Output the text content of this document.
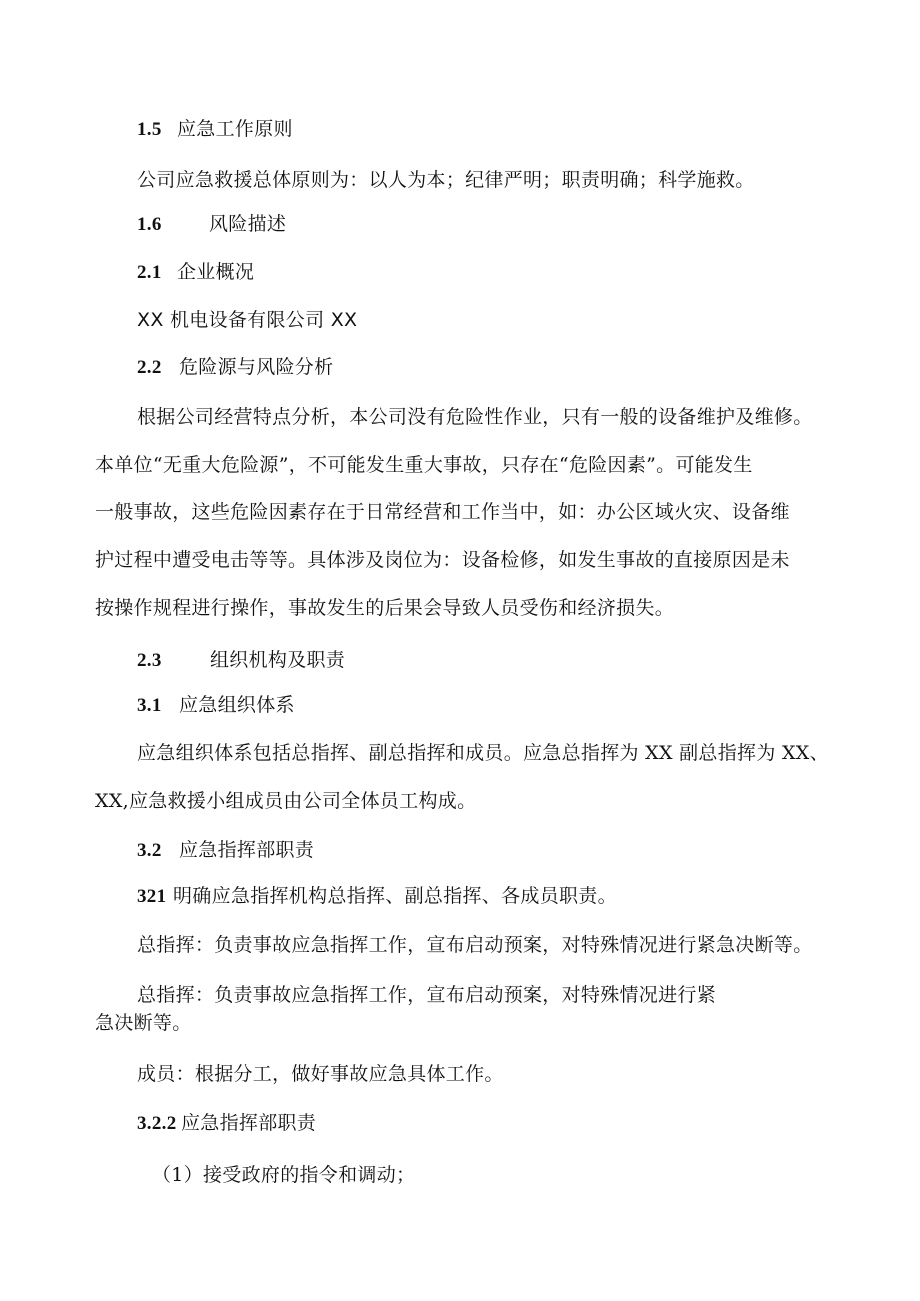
1.5 应急工作原则
公司应急救援总体原则为：以人为本；纪律严明；职责明确；科学施救。
1.6 风险描述
2.1 企业概况
XX 机电设备有限公司 XX
2.2 危险源与风险分析
根据公司经营特点分析，本公司没有危险性作业，只有一般的设备维护及维修。
本单位“无重大危险源”，不可能发生重大事故，只存在“危险因素”。可能发生
一般事故，这些危险因素存在于日常经营和工作当中，如：办公区域火灾、设备维
护过程中遭受电击等等。具体涉及岗位为：设备检修，如发生事故的直接原因是未
按操作规程进行操作，事故发生的后果会导致人员受伤和经济损失。
2.3	组织机构及职责
3.1 应急组织体系
应急组织体系包括总指挥、副总指挥和成员。应急总指挥为 XX 副总指挥为 XX、
XX,应急救援小组成员由公司全体员工构成。
3.2 应急指挥部职责
321 明确应急指挥机构总指挥、副总指挥、各成员职责。
总指挥：负责事故应急指挥工作，宣布启动预案，对特殊情况进行紧急决断等。
总指挥：负责事故应急指挥工作，宣布启动预案，对特殊情况进行紧
急决断等。
成员：根据分工，做好事故应急具体工作。
3.2.2 应急指挥部职责
（1）接受政府的指令和调动；
